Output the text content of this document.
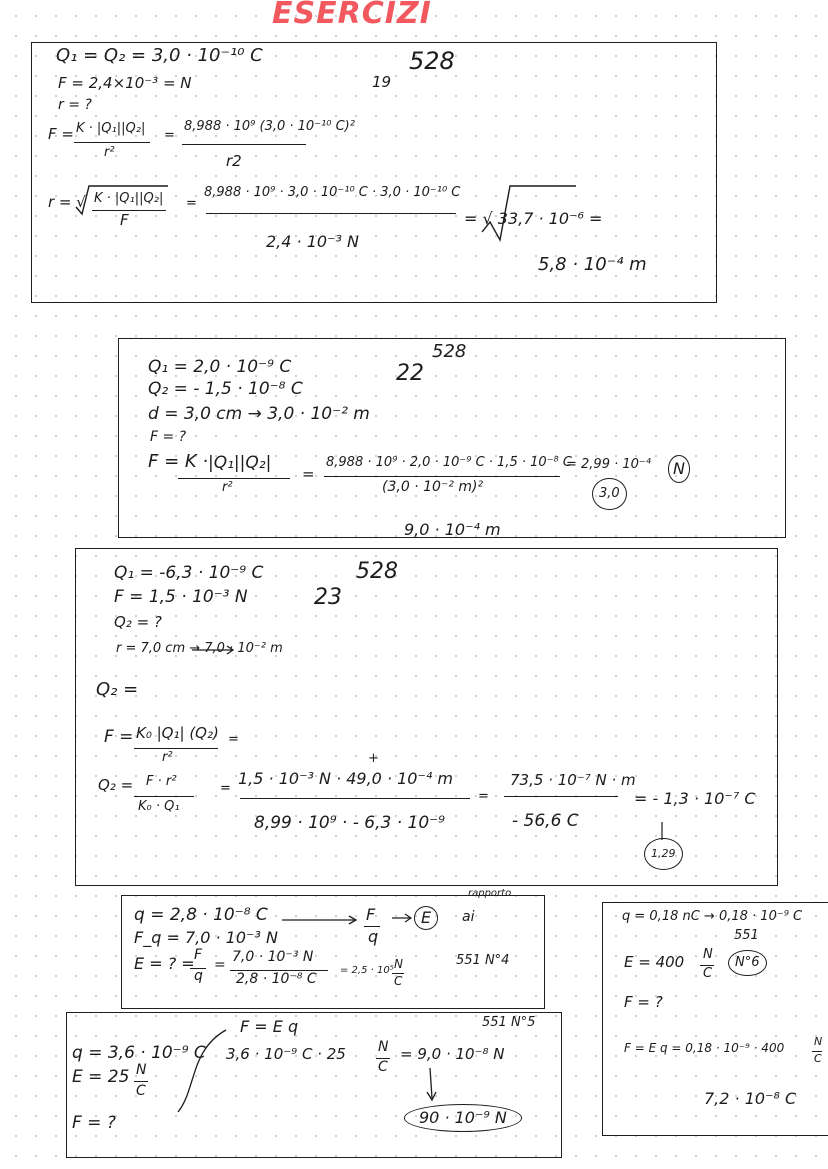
ESERCIZI
Q₁ = Q₂ = 3,0 · 10⁻¹⁰ C
F = 2,4×10⁻³ = N
r = ?
19
528
F = K · |Q₁||Q₂|
r²
=
8,988 · 10⁹ (3,0 · 10⁻¹⁰ C)²
r2
r = √ K · |Q₁||Q₂|
F
=
8,988 · 10⁹ · 3,0 · 10⁻¹⁰ C · 3,0 · 10⁻¹⁰ C
2,4 · 10⁻³ N
= √ 33,7 · 10⁻⁶ =
5,8 · 10⁻⁴ m
Q₁ = 2,0 · 10⁻⁹ C
Q₂ = - 1,5 · 10⁻⁸ C
d = 3,0 cm → 3,0 · 10⁻² m
F = ?
22
528
F = K · |Q₁||Q₂|
r²
=
8,988 · 10⁹ · 2,0 · 10⁻⁹ C · 1,5 · 10⁻⁸ C
(3,0 · 10⁻² m)²
= 2,99 · 10⁻⁴	N
3,0
9,0 · 10⁻⁴ m
Q₁ = -6,3 · 10⁻⁹ C
F = 1,5 · 10⁻³ N
Q₂ = ?
r = 7,0 cm → 7,0 · 10⁻² m
23
528
Q₂ =
F = K₀ |Q₁| (Q₂)
r²
=
Q₂ = F · r²
K₀ · Q₁
=
+
1,5 · 10⁻³ N · 49,0 · 10⁻⁴ m
8,99 · 10⁹ · - 6,3 · 10⁻⁹
=
73,5 · 10⁻⁷ N · m
- 56,6 C
= - 1,3 · 10⁻⁷ C
1,29
q = 2,8 · 10⁻⁸ C
F_q = 7,0 · 10⁻³ N
E = ? = F
q
= 7,0 · 10⁻³ N
2,8 · 10⁻⁸ C
= 2,5 · 10⁵ N
C
F
q
E
rapporto
ai
551 N°4
q = 3,6 · 10⁻⁹ C
E = 25 N
C
F = ?
F = E q
3,6 · 10⁻⁹ C · 25 N
C
= 9,0 · 10⁻⁸ N
551 N°5
90 · 10⁻⁹ N
q = 0,18 nC → 0,18 · 10⁻⁹ C
551
E = 400 N
C
N°6
F = ?
F = E q = 0,18 · 10⁻⁹ · 400	N
C
7,2 · 10⁻⁸ C
